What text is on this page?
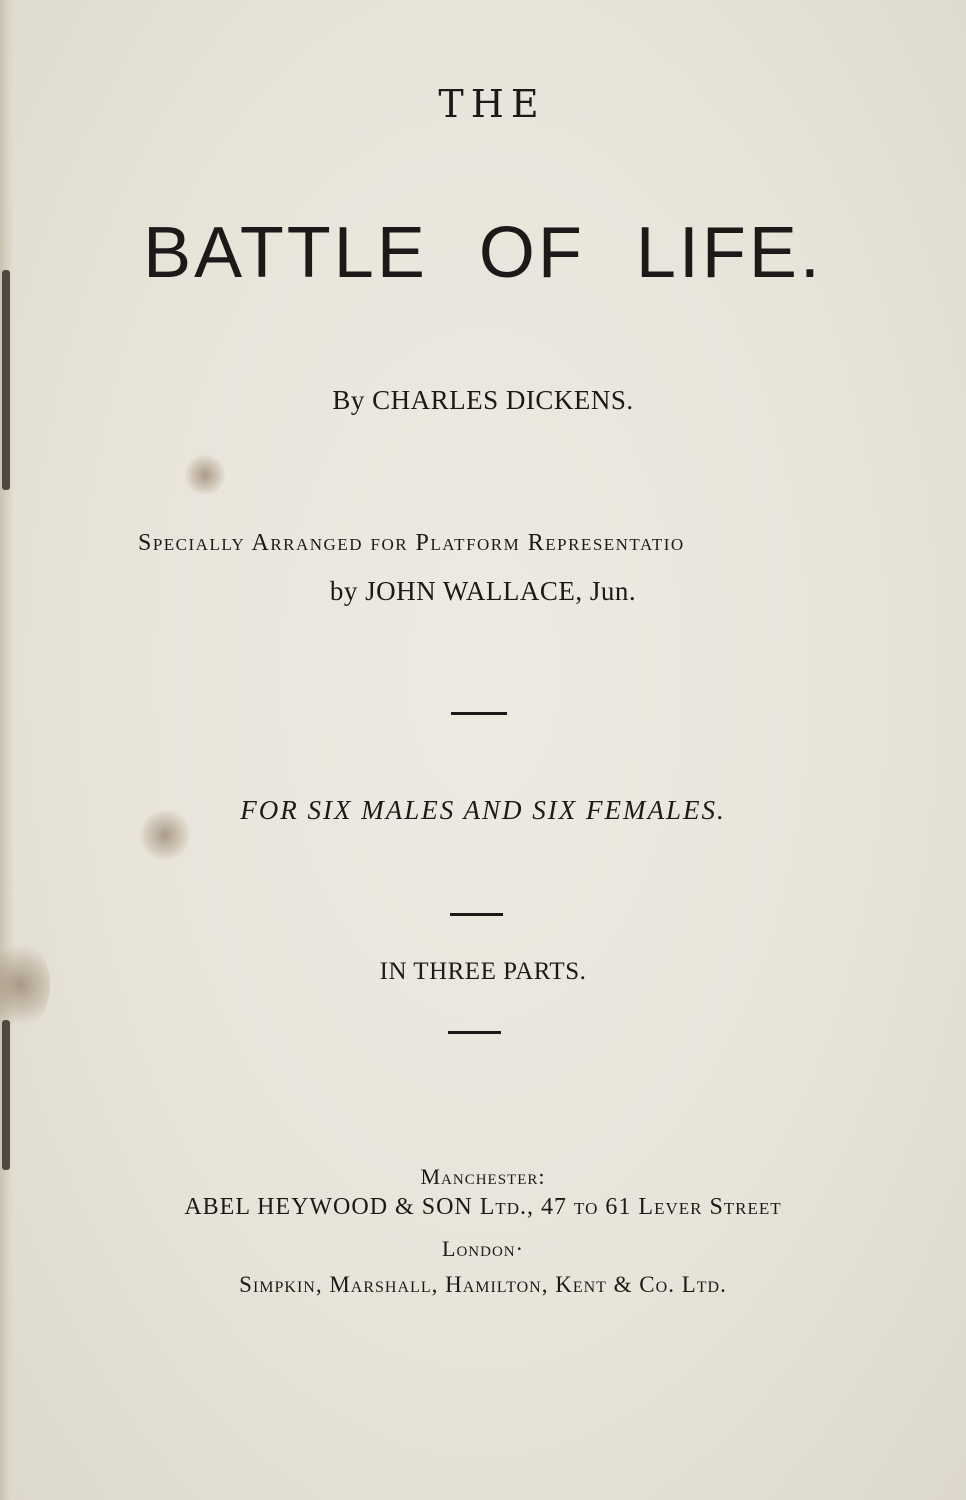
THE
BATTLE OF LIFE.
By CHARLES DICKENS.
Specially Arranged for Platform Representatio
by JOHN WALLACE, Jun.
FOR SIX MALES AND SIX FEMALES.
IN THREE PARTS.
Manchester:
ABEL HEYWOOD & SON Ltd., 47 to 61 Lever Street
London·
Simpkin, Marshall, Hamilton, Kent & Co. Ltd.
